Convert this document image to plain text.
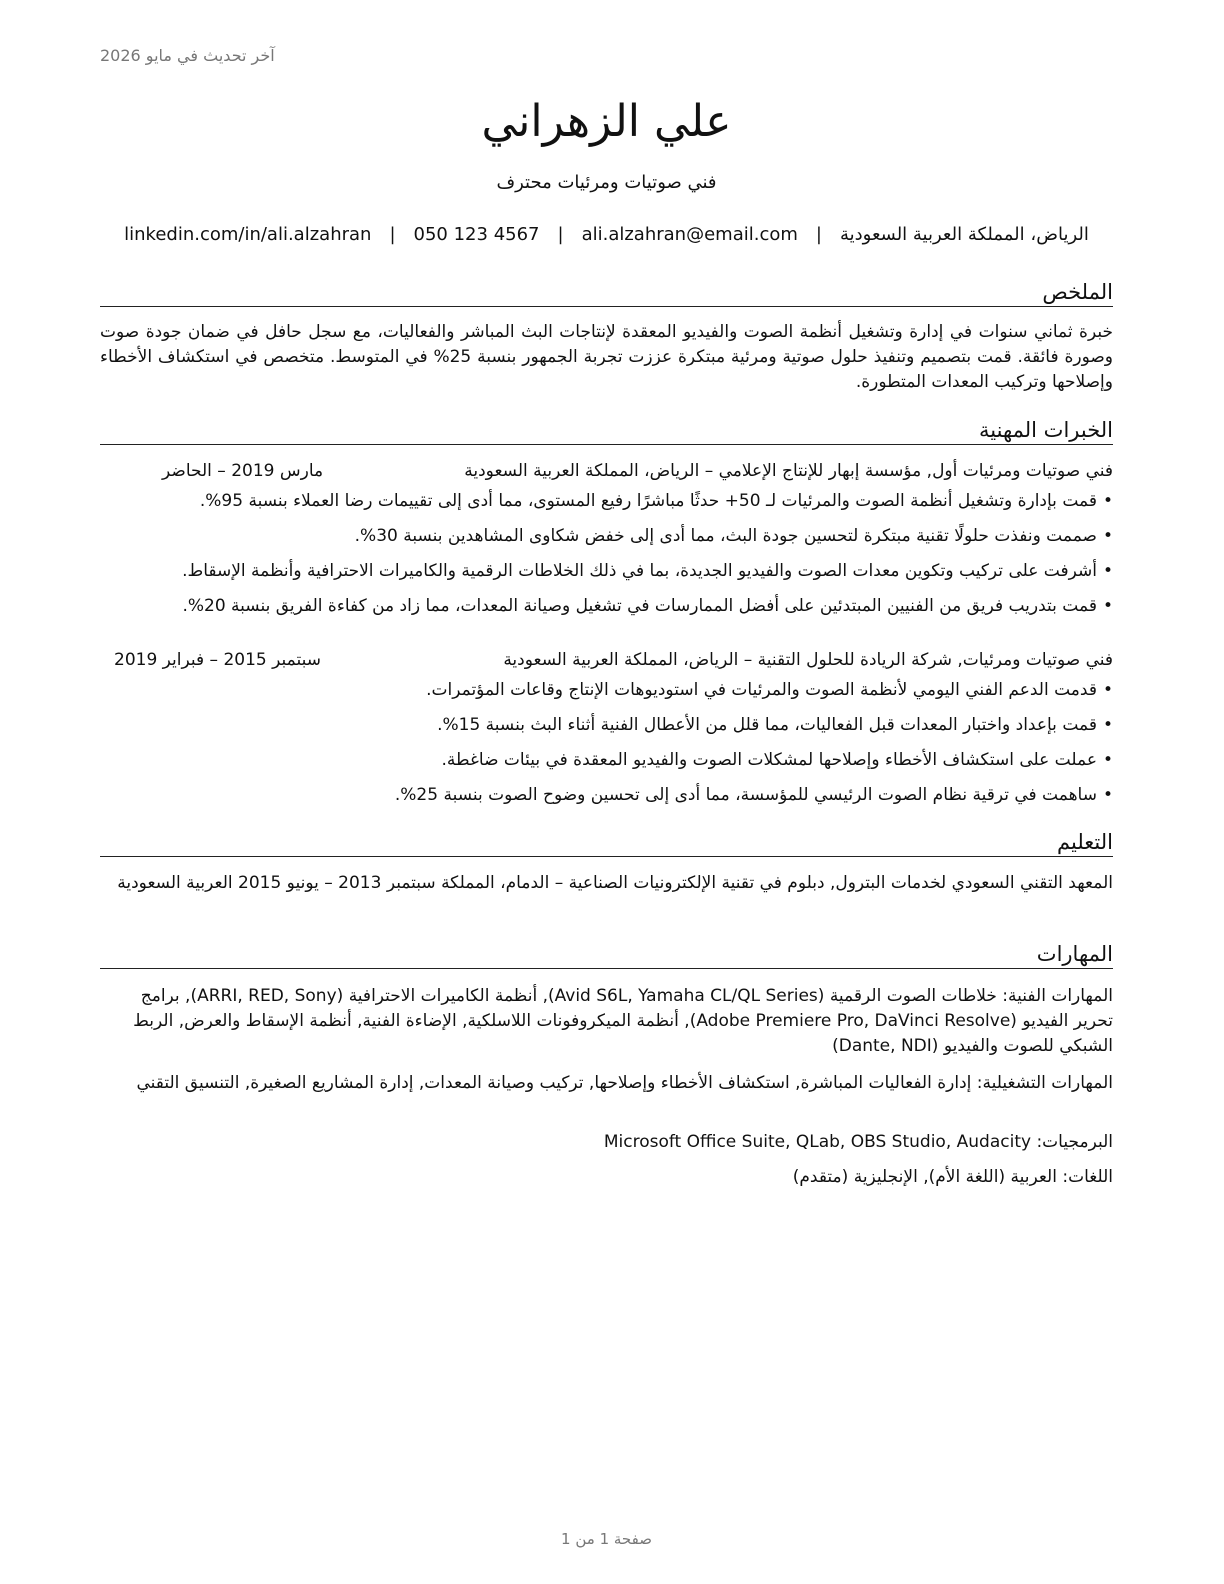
آخر تحديث في مايو 2026
علي الزهراني
فني صوتيات ومرئيات محترف
الرياض، المملكة العربية السعودية
|
ali.alzahran@email.com
|
050 123 4567
|
linkedin.com/in/ali.alzahran
الملخص
خبرة ثماني سنوات في إدارة وتشغيل أنظمة الصوت والفيديو المعقدة لإنتاجات البث المباشر والفعاليات، مع سجل حافل في ضمان جودة صوت وصورة فائقة. قمت بتصميم وتنفيذ حلول صوتية ومرئية مبتكرة عززت تجربة الجمهور بنسبة 25% في المتوسط. متخصص في استكشاف الأخطاء وإصلاحها وتركيب المعدات المتطورة.
الخبرات المهنية
فني صوتيات ومرئيات أول, مؤسسة إبهار للإنتاج الإعلامي – الرياض، المملكة العربية السعودية
مارس 2019 – الحاضر
•قمت بإدارة وتشغيل أنظمة الصوت والمرئيات لـ 50+ حدثًا مباشرًا رفيع المستوى، مما أدى إلى تقييمات رضا العملاء بنسبة 95%.
•صممت ونفذت حلولًا تقنية مبتكرة لتحسين جودة البث، مما أدى إلى خفض شكاوى المشاهدين بنسبة 30%.
•أشرفت على تركيب وتكوين معدات الصوت والفيديو الجديدة، بما في ذلك الخلاطات الرقمية والكاميرات الاحترافية وأنظمة الإسقاط.
•قمت بتدريب فريق من الفنيين المبتدئين على أفضل الممارسات في تشغيل وصيانة المعدات، مما زاد من كفاءة الفريق بنسبة 20%.
فني صوتيات ومرئيات, شركة الريادة للحلول التقنية – الرياض، المملكة العربية السعودية
سبتمبر 2015 – فبراير 2019
•قدمت الدعم الفني اليومي لأنظمة الصوت والمرئيات في استوديوهات الإنتاج وقاعات المؤتمرات.
•قمت بإعداد واختبار المعدات قبل الفعاليات، مما قلل من الأعطال الفنية أثناء البث بنسبة 15%.
•عملت على استكشاف الأخطاء وإصلاحها لمشكلات الصوت والفيديو المعقدة في بيئات ضاغطة.
•ساهمت في ترقية نظام الصوت الرئيسي للمؤسسة، مما أدى إلى تحسين وضوح الصوت بنسبة 25%.
التعليم
المعهد التقني السعودي لخدمات البترول, دبلوم في تقنية الإلكترونيات الصناعية – الدمام، المملكة سبتمبر 2013 – يونيو 2015 العربية السعودية
المهارات
المهارات الفنية: خلاطات الصوت الرقمية (Avid S6L, Yamaha CL/QL Series), أنظمة الكاميرات الاحترافية (ARRI, RED, Sony), برامج تحرير الفيديو (Adobe Premiere Pro, DaVinci Resolve), أنظمة الميكروفونات اللاسلكية, الإضاءة الفنية, أنظمة الإسقاط والعرض, الربط الشبكي للصوت والفيديو (Dante, NDI)
المهارات التشغيلية: إدارة الفعاليات المباشرة, استكشاف الأخطاء وإصلاحها, تركيب وصيانة المعدات, إدارة المشاريع الصغيرة, التنسيق التقني
البرمجيات: Microsoft Office Suite, QLab, OBS Studio, Audacity
اللغات: العربية (اللغة الأم), الإنجليزية (متقدم)
صفحة 1 من 1
